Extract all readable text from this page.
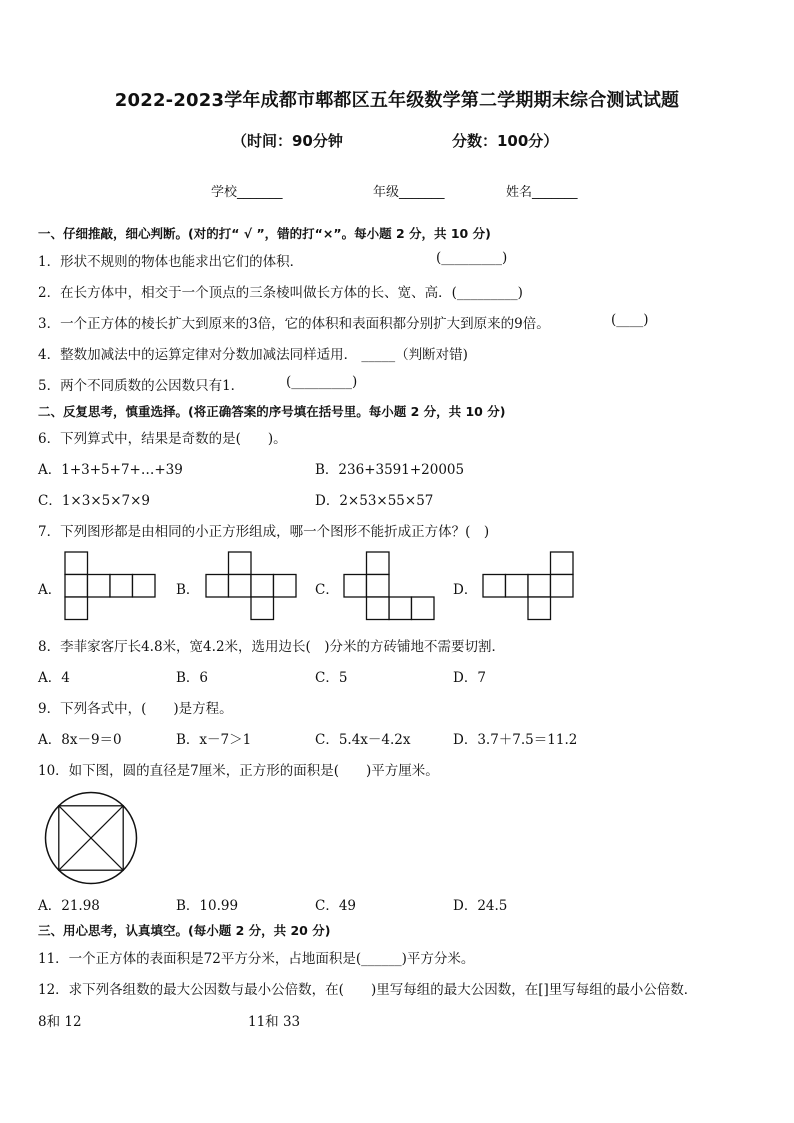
2022-2023学年成都市郫都区五年级数学第二学期期末综合测试试题
（时间：90分钟	分数：100分）
学校_______	年级_______	姓名_______
一、仔细推敲，细心判断。(对的打“ √ ”，错的打“×”。每小题 2 分，共 10 分)
1．形状不规则的物体也能求出它们的体积．	(_________)
2．在长方体中，相交于一个顶点的三条棱叫做长方体的长、宽、高．(_________)
3．一个正方体的棱长扩大到原来的3倍，它的体积和表面积都分别扩大到原来的9倍。	(____)
4．整数加减法中的运算定律对分数加减法同样适用． _____（判断对错)
5．两个不同质数的公因数只有1．	(_________)
二、反复思考，慎重选择。(将正确答案的序号填在括号里。每小题 2 分，共 10 分)
6．下列算式中，结果是奇数的是(　　)。
A．1+3+5+7+…+39	B．236+3591+20005
C．1×3×5×7×9	D．2×53×55×57
7．下列图形都是由相同的小正方形组成，哪一个图形不能折成正方体？(　)
A．	B．	C．	D．
8．李菲家客厅长4.8米，宽4.2米，选用边长(　)分米的方砖铺地不需要切割．
A．4	B．6	C．5	D．7
9．下列各式中，(　　)是方程。
A．8x－9＝0	B．x－7＞1	C．5.4x－4.2x	D．3.7＋7.5＝11.2
10．如下图，圆的直径是7厘米，正方形的面积是(　　)平方厘米。
A．21.98	B．10.99	C．49	D．24.5
三、用心思考，认真填空。(每小题 2 分，共 20 分)
11．一个正方体的表面积是72平方分米，占地面积是(______)平方分米。
12．求下列各组数的最大公因数与最小公倍数，在(　　)里写每组的最大公因数，在[]里写每组的最小公倍数．
8和 12	11和 33
